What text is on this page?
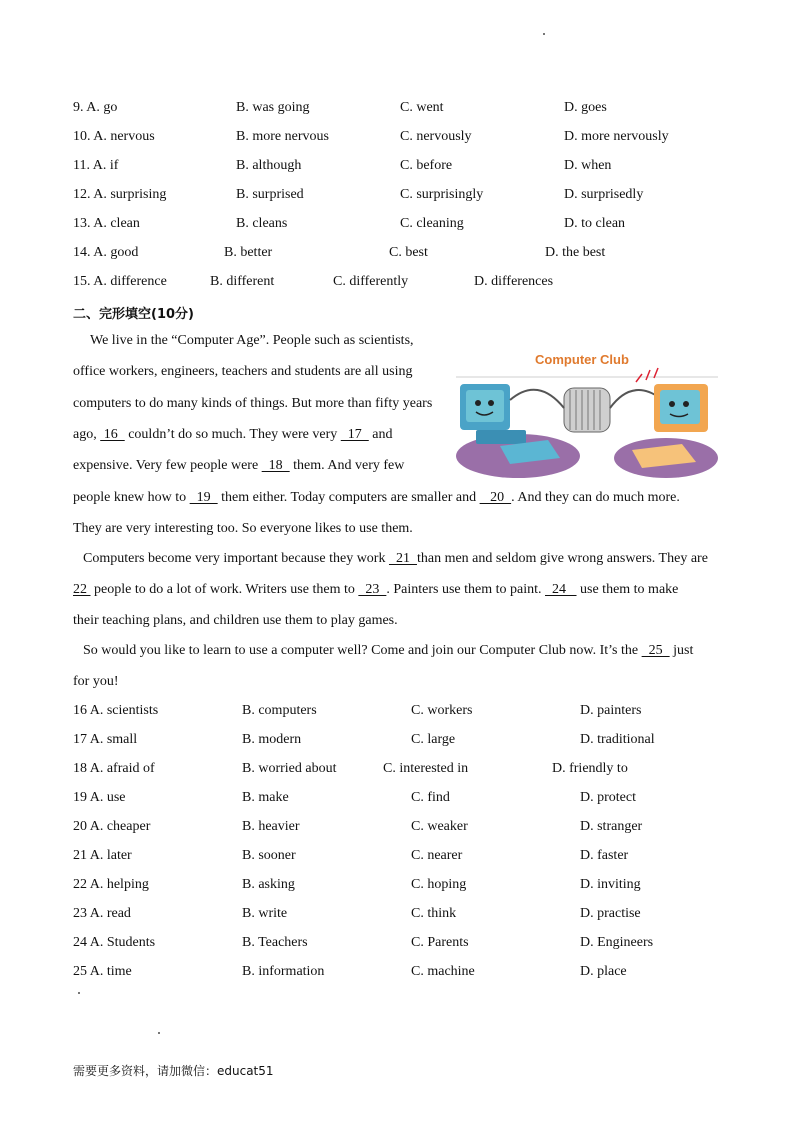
9. A. go	B. was going	C. went	D. goes
10. A. nervous	B. more nervous	C. nervously	D. more nervously
11. A. if	B. although	C. before	D. when
12. A. surprising	B. surprised	C. surprisingly	D. surprisedly
13. A. clean	B. cleans	C. cleaning	D. to clean
14. A. good	B. better	C. best	D. the best
15. A. difference	B. different	C. differently	D. differences
二、完形填空(10分)
We live in the “Computer Age”. People such as scientists,
office workers, engineers, teachers and students are all using
computers to do many kinds of things. But more than fifty years
ago,  16   couldn’t do so much. They were very   17   and
expensive. Very few people were   18   them. And very few
people knew how to   19   them either. Today computers are smaller and    20  . And they can do much more.
They are very interesting too. So everyone likes to use them.
Computers become very important because they work   21  than men and seldom give wrong answers. They are
22  people to do a lot of work. Writers use them to   23  . Painters use them to paint.   24    use them to make
their teaching plans, and children use them to play games.
So would you like to learn to use a computer well? Come and join our Computer Club now. It’s the   25   just
for you!
Computer Club
16 A. scientists	B. computers	C. workers	D. painters
17 A. small	B. modern	C. large	D. traditional
18 A. afraid of	B. worried about	C. interested in	D. friendly to
19 A. use	B. make	C. find	D. protect
20 A. cheaper	B. heavier	C. weaker	D. stranger
21 A. later	B. sooner	C. nearer	D. faster
22 A. helping	B. asking	C. hoping	D. inviting
23 A. read	B. write	C. think	D. practise
24 A. Students	B. Teachers	C. Parents	D. Engineers
25 A. time	B. information	C. machine	D. place
需要更多资料，请加微信：educat51
